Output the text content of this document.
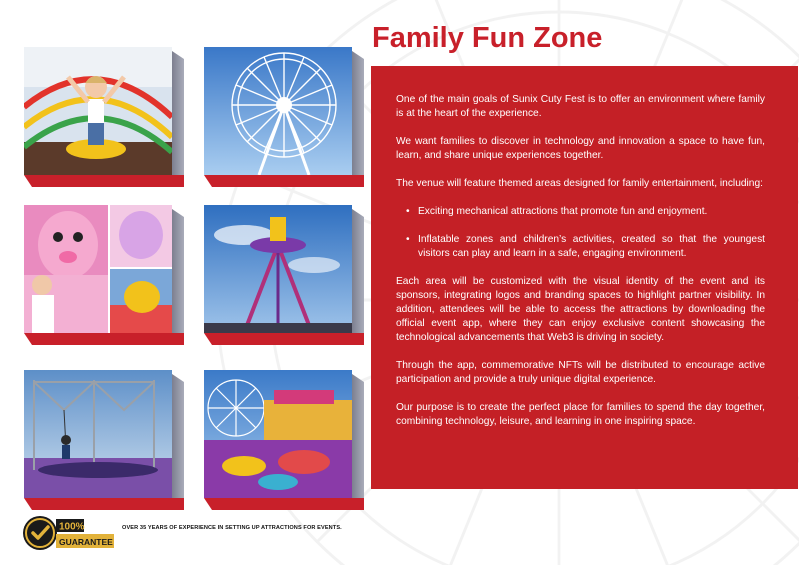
Family Fun Zone

One of the main goals of Sunix Cuty Fest is to offer an environment where family is at the heart of the experience.

We want families to discover in technology and innovation a space to have fun, learn, and share unique experiences together.

The venue will feature themed areas designed for family entertainment, including:

• Exciting mechanical attractions that promote fun and enjoyment.
• Inflatable zones and children’s activities, created so that the youngest visitors can play and learn in a safe, engaging environment.

Each area will be customized with the visual identity of the event and its sponsors, integrating logos and branding spaces to highlight partner visibility. In addition, attendees will be able to access the attractions by downloading the official event app, where they can enjoy exclusive content showcasing the technological advancements that Web3 is driving in society.

Through the app, commemorative NFTs will be distributed to encourage active participation and provide a truly unique digital experience.

Our purpose is to create the perfect place for families to spend the day together, combining technology, leisure, and learning in one inspiring space.

100%
GUARANTEE
OVER 35 YEARS OF EXPERIENCE IN SETTING UP ATTRACTIONS FOR EVENTS.
